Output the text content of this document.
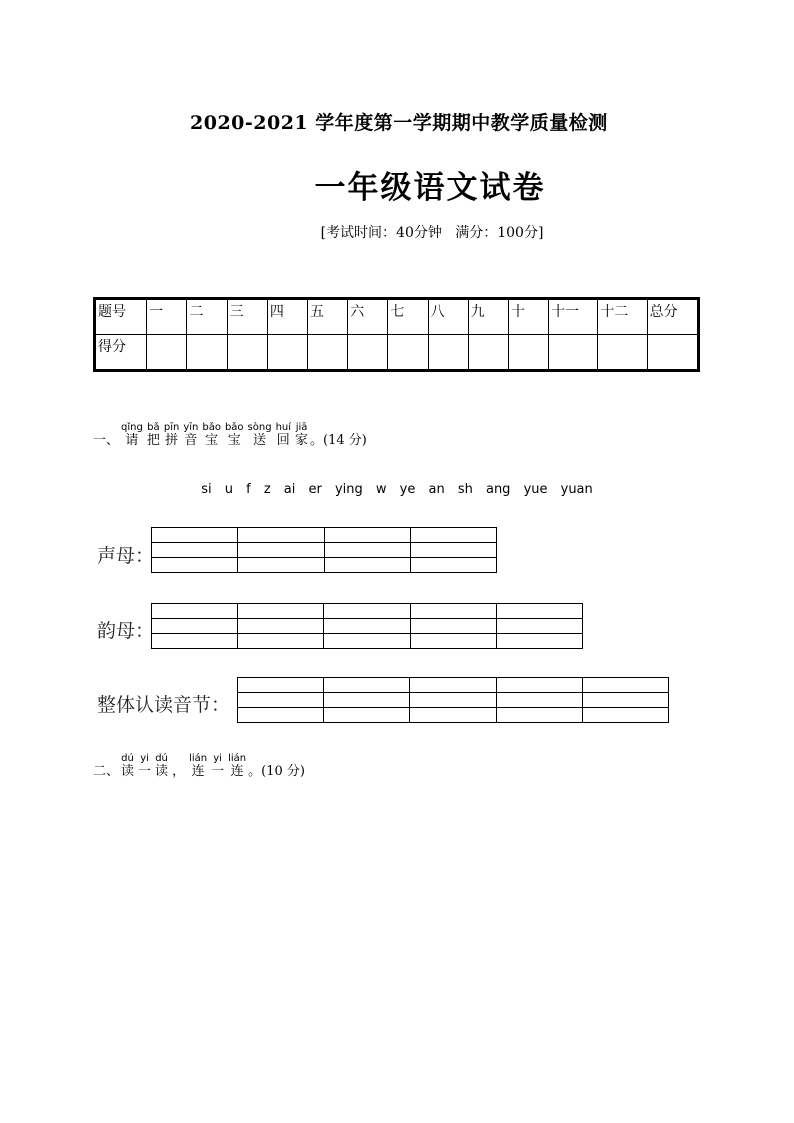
2020-2021 学年度第一学期期中教学质量检测
一年级语文试卷
[考试时间：40分钟   满分：100分]
题号	一	二	三	四	五	六	七	八	九	十	十一	十二	总分
得分													
一、
qǐng
请
bǎ
把
pīn
拼
yīn
音
bǎo
宝
bǎo
宝
sòng
送
huí
回
jiā
家 。(14 分)
si u f z ai er ying w ye an sh ang yue yuan
声母：

韵母：

整体认读音节：

二、
dú
读
yi
一
dú
读 ，
lián
连
yi
一
lián
连 。(10 分)
